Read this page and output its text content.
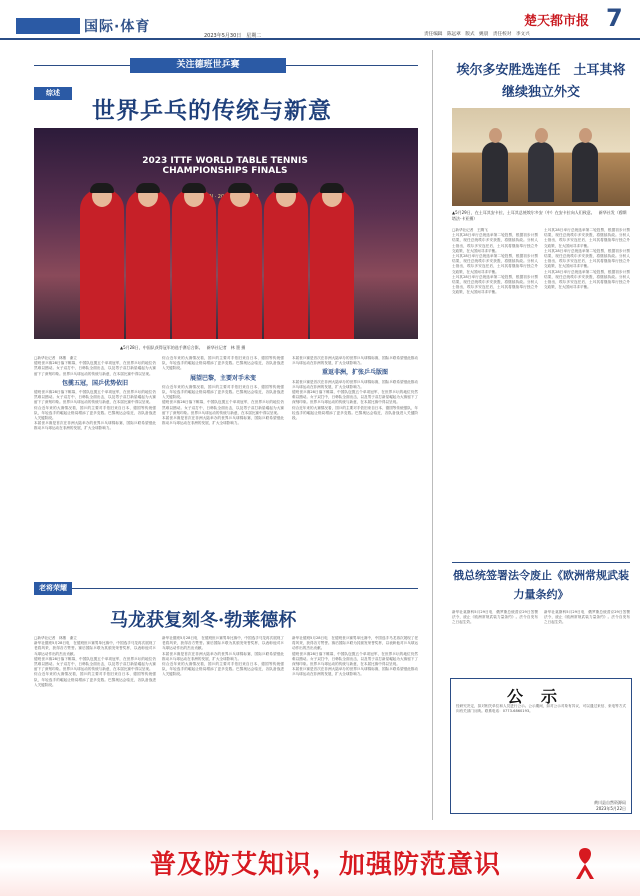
国际·体育
2023年5月30日　星期二	责任编辑　陈远翠　版式　姚晨　责任校对　李文兴
楚天都市报 7
关注德班世乒赛
综述
世界乒乓的传统与新意
2023 ITTF WORLD TABLE TENNIS CHAMPIONSHIPS FINALS
·
▲5月28日，中国队获得冠军的选手赛后合影。　新华社记者　林 墨 摄
□新华社记者　林墨　谢立
德班世乒赛28日落下帷幕，中国队包揽五个单项冠军，在世界乒坛的地位仍然难以撼动。女子双打中，日韩队全面出击，以及男子双打新星崛起为大赛留下了深刻印象。世界乒乓球运动的传统与新意，在本届比赛中得以呈现。
包揽五冠，国乒优势依旧
德班世乒赛28日落下帷幕，中国队包揽五个单项冠军，在世界乒坛的地位仍然难以撼动。女子双打中，日韩队全面出击，以及男子双打新星崛起为大赛留下了深刻印象。世界乒乓球运动的传统与新意，在本届比赛中得以呈现。
综合近年来的大赛情况看，国乒的主要对手依旧来自日本、德国等传统强队，年轻选手的崛起让格局增添了更多变数。巴黎奥运会临近，各队备战进入关键阶段。
本届世乒赛是首次在非洲大陆举办的世界乒乓球锦标赛，国际乒联希望借此推动乒乓球运动在非洲的发展，扩大全球影响力。
综合近年来的大赛情况看，国乒的主要对手依旧来自日本、德国等传统强队，年轻选手的崛起让格局增添了更多变数。巴黎奥运会临近，各队备战进入关键阶段。
展望巴黎，主要对手未变
综合近年来的大赛情况看，国乒的主要对手依旧来自日本、德国等传统强队，年轻选手的崛起让格局增添了更多变数。巴黎奥运会临近，各队备战进入关键阶段。
德班世乒赛28日落下帷幕，中国队包揽五个单项冠军，在世界乒坛的地位仍然难以撼动。女子双打中，日韩队全面出击，以及男子双打新星崛起为大赛留下了深刻印象。世界乒乓球运动的传统与新意，在本届比赛中得以呈现。
本届世乒赛是首次在非洲大陆举办的世界乒乓球锦标赛，国际乒联希望借此推动乒乓球运动在非洲的发展，扩大全球影响力。
本届世乒赛是首次在非洲大陆举办的世界乒乓球锦标赛，国际乒联希望借此推动乒乓球运动在非洲的发展，扩大全球影响力。
重返非洲，扩张乒乓版图
本届世乒赛是首次在非洲大陆举办的世界乒乓球锦标赛，国际乒联希望借此推动乒乓球运动在非洲的发展，扩大全球影响力。
德班世乒赛28日落下帷幕，中国队包揽五个单项冠军，在世界乒坛的地位仍然难以撼动。女子双打中，日韩队全面出击，以及男子双打新星崛起为大赛留下了深刻印象。世界乒乓球运动的传统与新意，在本届比赛中得以呈现。
综合近年来的大赛情况看，国乒的主要对手依旧来自日本、德国等传统强队，年轻选手的崛起让格局增添了更多变数。巴黎奥运会临近，各队备战进入关键阶段。
老将荣耀
马龙获复刻冬·勃莱德杯
□新华社记者　林墨　谢立
新华社德班5月28日电　在德班世乒赛男单比赛中，中国选手马龙再次展现了老将风采，获得各方赞誉。赛后国际乒联为其颁发荣誉奖杯，以表彰他对乒乓球运动作出的杰出贡献。
德班世乒赛28日落下帷幕，中国队包揽五个单项冠军，在世界乒坛的地位仍然难以撼动。女子双打中，日韩队全面出击，以及男子双打新星崛起为大赛留下了深刻印象。世界乒乓球运动的传统与新意，在本届比赛中得以呈现。
综合近年来的大赛情况看，国乒的主要对手依旧来自日本、德国等传统强队，年轻选手的崛起让格局增添了更多变数。巴黎奥运会临近，各队备战进入关键阶段。
新华社德班5月28日电　在德班世乒赛男单比赛中，中国选手马龙再次展现了老将风采，获得各方赞誉。赛后国际乒联为其颁发荣誉奖杯，以表彰他对乒乓球运动作出的杰出贡献。
本届世乒赛是首次在非洲大陆举办的世界乒乓球锦标赛，国际乒联希望借此推动乒乓球运动在非洲的发展，扩大全球影响力。
综合近年来的大赛情况看，国乒的主要对手依旧来自日本、德国等传统强队，年轻选手的崛起让格局增添了更多变数。巴黎奥运会临近，各队备战进入关键阶段。
新华社德班5月28日电　在德班世乒赛男单比赛中，中国选手马龙再次展现了老将风采，获得各方赞誉。赛后国际乒联为其颁发荣誉奖杯，以表彰他对乒乓球运动作出的杰出贡献。
德班世乒赛28日落下帷幕，中国队包揽五个单项冠军，在世界乒坛的地位仍然难以撼动。女子双打中，日韩队全面出击，以及男子双打新星崛起为大赛留下了深刻印象。世界乒乓球运动的传统与新意，在本届比赛中得以呈现。
本届世乒赛是首次在非洲大陆举办的世界乒乓球锦标赛，国际乒联希望借此推动乒乓球运动在非洲的发展，扩大全球影响力。
埃尔多安胜选连任　土耳其将继续独立外交
▲5月29日，在土耳其安卡拉，土耳其总统埃尔多安（中）在安卡拉向人们致意。　新华社发（穆斯塔法·卡亚摄）
□新华社记者　王腾飞
土耳其28日举行总统选举第二轮投票，根据初步计票结果，现任总统埃尔多安获胜，将继续执政。分析人士指出，埃尔多安连任后，土耳其将继续奉行独立外交政策，在大国间寻求平衡。
土耳其28日举行总统选举第二轮投票，根据初步计票结果，现任总统埃尔多安获胜，将继续执政。分析人士指出，埃尔多安连任后，土耳其将继续奉行独立外交政策，在大国间寻求平衡。
土耳其28日举行总统选举第二轮投票，根据初步计票结果，现任总统埃尔多安获胜，将继续执政。分析人士指出，埃尔多安连任后，土耳其将继续奉行独立外交政策，在大国间寻求平衡。
土耳其28日举行总统选举第二轮投票，根据初步计票结果，现任总统埃尔多安获胜，将继续执政。分析人士指出，埃尔多安连任后，土耳其将继续奉行独立外交政策，在大国间寻求平衡。
土耳其28日举行总统选举第二轮投票，根据初步计票结果，现任总统埃尔多安获胜，将继续执政。分析人士指出，埃尔多安连任后，土耳其将继续奉行独立外交政策，在大国间寻求平衡。
土耳其28日举行总统选举第二轮投票，根据初步计票结果，现任总统埃尔多安获胜，将继续执政。分析人士指出，埃尔多安连任后，土耳其将继续奉行独立外交政策，在大国间寻求平衡。
俄总统签署法令废止《欧洲常规武装力量条约》
新华社莫斯科5月29日电　俄罗斯总统普京29日签署法令，废止《欧洲常规武装力量条约》。法令自发布之日起生效。
新华社莫斯科5月29日电　俄罗斯总统普京29日签署法令，废止《欧洲常规武装力量条约》。法令自发布之日起生效。
公示
经研究决定，拟对相关单位和人员进行公示。公示期间，如对公示对象有异议，可以通过来信、来电等方式向有关部门反映。联系电话：0773-6860193。
黄川县自然资源局
2023年5月22日
普及防艾知识，加强防范意识
